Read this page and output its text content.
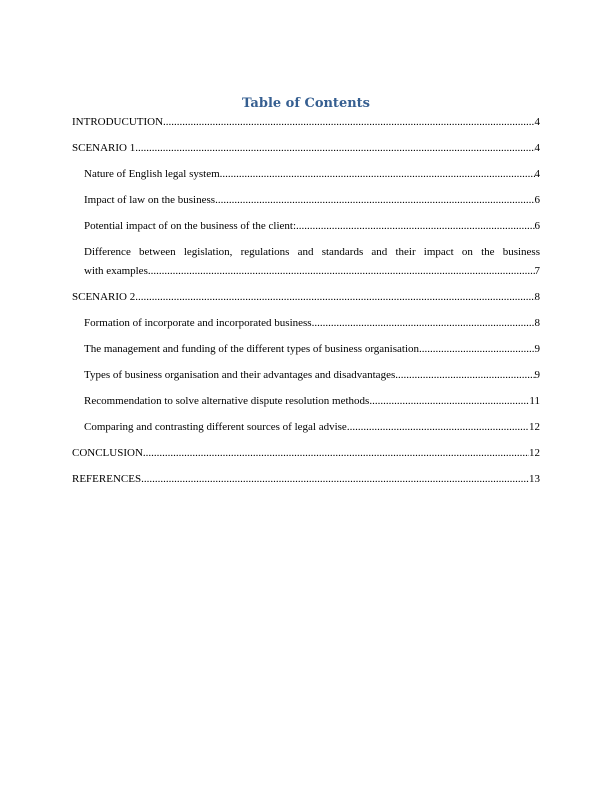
Table of Contents
INTRODUCUTION .....	4
SCENARIO 1 .....	4
Nature of English legal system .....	4
Impact of law on the business .....	6
Potential impact of on the business of the client: .....	6
Difference between legislation, regulations and standards and their impact on the business
with examples .....	7
SCENARIO 2 .....	8
Formation of incorporate and incorporated business .....	8
The management and funding of the different types of business organisation .....	9
Types of business organisation and their advantages and disadvantages .....	9
Recommendation to solve alternative dispute resolution methods .....	11
Comparing and contrasting different sources of legal advise .....	12
CONCLUSION .....	12
REFERENCES .....	13
